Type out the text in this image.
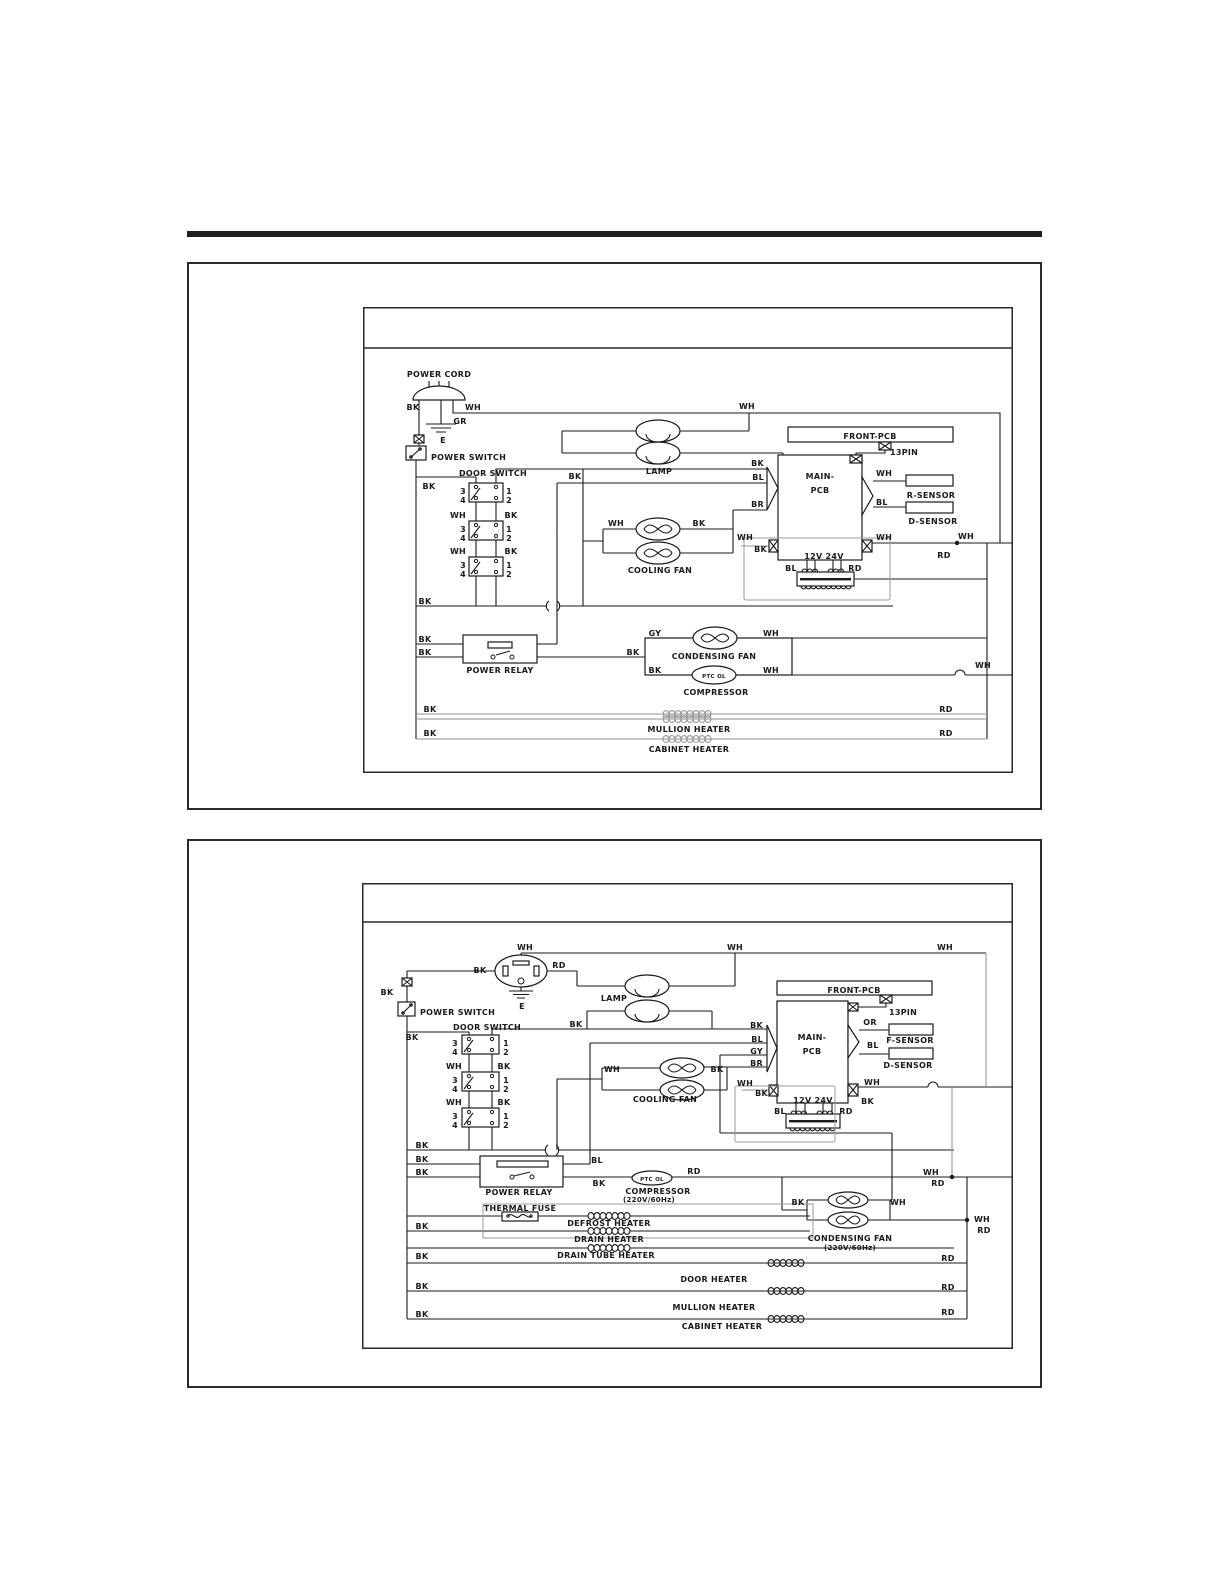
POWER CORD
BK	WH
GR
E
POWER SWITCH
DOOR SWITCH
BK
3	1
4	2
WH	BK
3	1
4	2
WH	BK
3	1
4	2
BK
BK
LAMP
WH	BK
COOLING FAN
WH
FRONT-PCB
13PIN
MAIN-
PCB
BK
BL
BR
WH
R-SENSOR
BL
D-SENSOR
WH
BK
12V 24V
WH	WH
RD
BL	RD
BK
BK
POWER RELAY
BK
GY	WH
CONDENSING FAN
BK	WH
PTC OL
COMPRESSOR
WH
BK	RD
MULLION HEATER
BK	RD
CABINET HEATER
WH	WH	WH
RD
BK
E
BK
POWER SWITCH
DOOR SWITCH
BK
3	1
4	2
WH	BK
3	1
4	2
WH	BK
3	1
4	2
LAMP
BK
WH	BK
COOLING FAN
FRONT-PCB
13PIN
MAIN-
PCB
OR
BK
BL
GY
BR
F-SENSOR
BL
D-SENSOR
WH
BK
12V 24V
WH
BK
BL	RD
BK
BK
BK
POWER RELAY
BL
BK
RD
PTC OL
COMPRESSOR
(220V/60Hz)
WH
RD
THERMAL FUSE
DEFROST HEATER
BK
DRAIN HEATER
DRAIN TUBE HEATER
BK	RD
DOOR HEATER
BK	WH
CONDENSING FAN
(220V/60Hz)
WH
RD
BK	RD
MULLION HEATER
BK	RD
CABINET HEATER
